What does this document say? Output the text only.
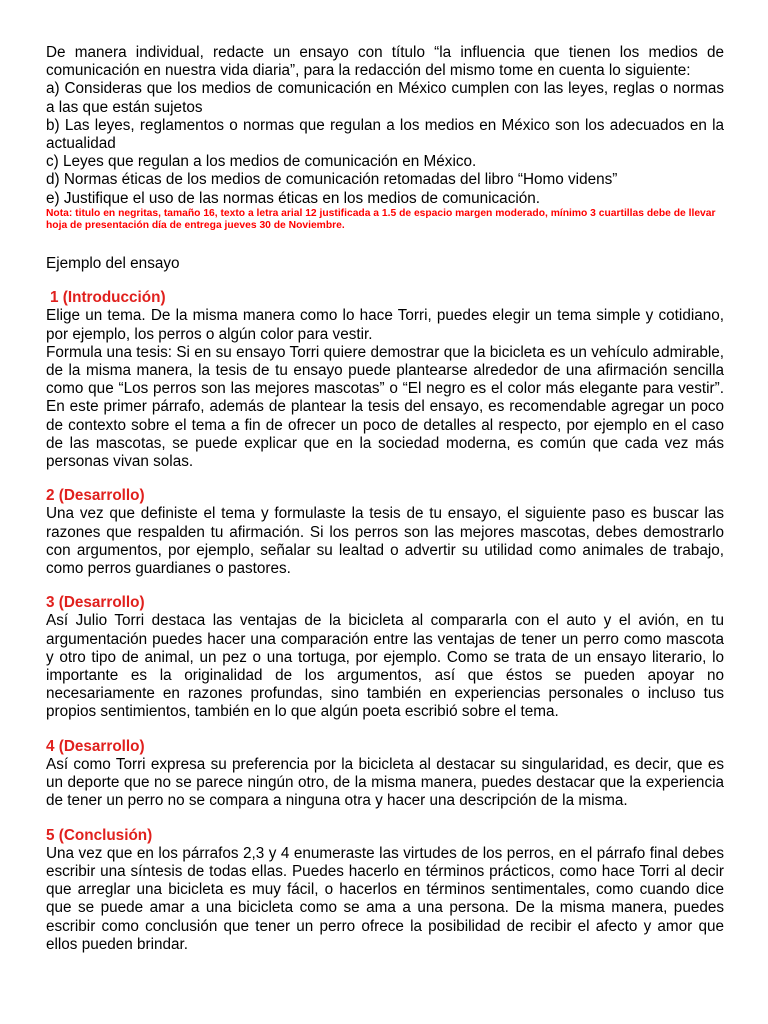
De manera individual, redacte un ensayo con título “la influencia que tienen los medios de comunicación en nuestra vida diaria”, para la redacción del mismo tome en cuenta lo siguiente:

a) Consideras que los medios de comunicación en México cumplen con las leyes, reglas o normas a las que están sujetos
b) Las leyes, reglamentos o normas que regulan a los medios en México son los adecuados en la actualidad
c) Leyes que regulan a los medios de comunicación en México.
d) Normas éticas de los medios de comunicación retomadas del libro “Homo videns”
e) Justifique el uso de las normas éticas en los medios de comunicación.

Nota: titulo en negritas, tamaño 16, texto a letra arial 12 justificada a 1.5 de espacio margen moderado, mínimo 3 cuartillas debe de llevar hoja de presentación día de entrega jueves 30 de Noviembre.

Ejemplo del ensayo

1 (Introducción)

Elige un tema. De la misma manera como lo hace Torri, puedes elegir un tema simple y cotidiano, por ejemplo, los perros o algún color para vestir.

Formula una tesis: Si en su ensayo Torri quiere demostrar que la bicicleta es un vehículo admirable, de la misma manera, la tesis de tu ensayo puede plantearse alrededor de una afirmación sencilla como que “Los perros son las mejores mascotas” o “El negro es el color más elegante para vestir”. En este primer párrafo, además de plantear la tesis del ensayo, es recomendable agregar un poco de contexto sobre el tema a fin de ofrecer un poco de detalles al respecto, por ejemplo en el caso de las mascotas, se puede explicar que en la sociedad moderna, es común que cada vez más personas vivan solas.

2 (Desarrollo)

Una vez que definiste el tema y formulaste la tesis de tu ensayo, el siguiente paso es buscar las razones que respalden tu afirmación. Si los perros son las mejores mascotas, debes demostrarlo con argumentos, por ejemplo, señalar su lealtad o advertir su utilidad como animales de trabajo, como perros guardianes o pastores.

3 (Desarrollo)

Así Julio Torri destaca las ventajas de la bicicleta al compararla con el auto y el avión, en tu argumentación puedes hacer una comparación entre las ventajas de tener un perro como mascota y otro tipo de animal, un pez o una tortuga, por ejemplo. Como se trata de un ensayo literario, lo importante es la originalidad de los argumentos, así que éstos se pueden apoyar no necesariamente en razones profundas, sino también en experiencias personales o incluso tus propios sentimientos, también en lo que algún poeta escribió sobre el tema.

4 (Desarrollo)

Así como Torri expresa su preferencia por la bicicleta al destacar su singularidad, es decir, que es un deporte que no se parece ningún otro, de la misma manera, puedes destacar que la experiencia de tener un perro no se compara a ninguna otra y hacer una descripción de la misma.

5 (Conclusión)

Una vez que en los párrafos 2,3 y 4 enumeraste las virtudes de los perros, en el párrafo final debes escribir una síntesis de todas ellas. Puedes hacerlo en términos prácticos, como hace Torri al decir que arreglar una bicicleta es muy fácil, o hacerlos en términos sentimentales, como cuando dice que se puede amar a una bicicleta como se ama a una persona. De la misma manera, puedes escribir como conclusión que tener un perro ofrece la posibilidad de recibir el afecto y amor que ellos pueden brindar.
